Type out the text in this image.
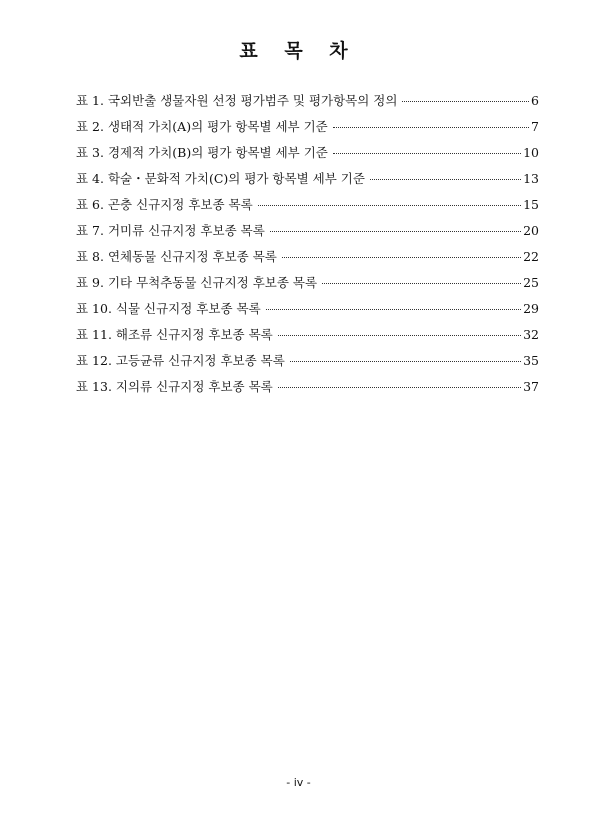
표 목 차
표 1. 국외반출 생물자원 선정 평가범주 및 평가항목의 정의	6
표 2. 생태적 가치(A)의 평가 항목별 세부 기준	7
표 3. 경제적 가치(B)의 평가 항목별 세부 기준	10
표 4. 학술・문화적 가치(C)의 평가 항목별 세부 기준	13
표 6. 곤충 신규지정 후보종 목록	15
표 7. 거미류 신규지정 후보종 목록	20
표 8. 연체동물 신규지정 후보종 목록	22
표 9. 기타 무척추동물 신규지정 후보종 목록	25
표 10. 식물 신규지정 후보종 목록	29
표 11. 해조류 신규지정 후보종 목록	32
표 12. 고등균류 신규지정 후보종 목록	35
표 13. 지의류 신규지정 후보종 목록	37
- iv -
